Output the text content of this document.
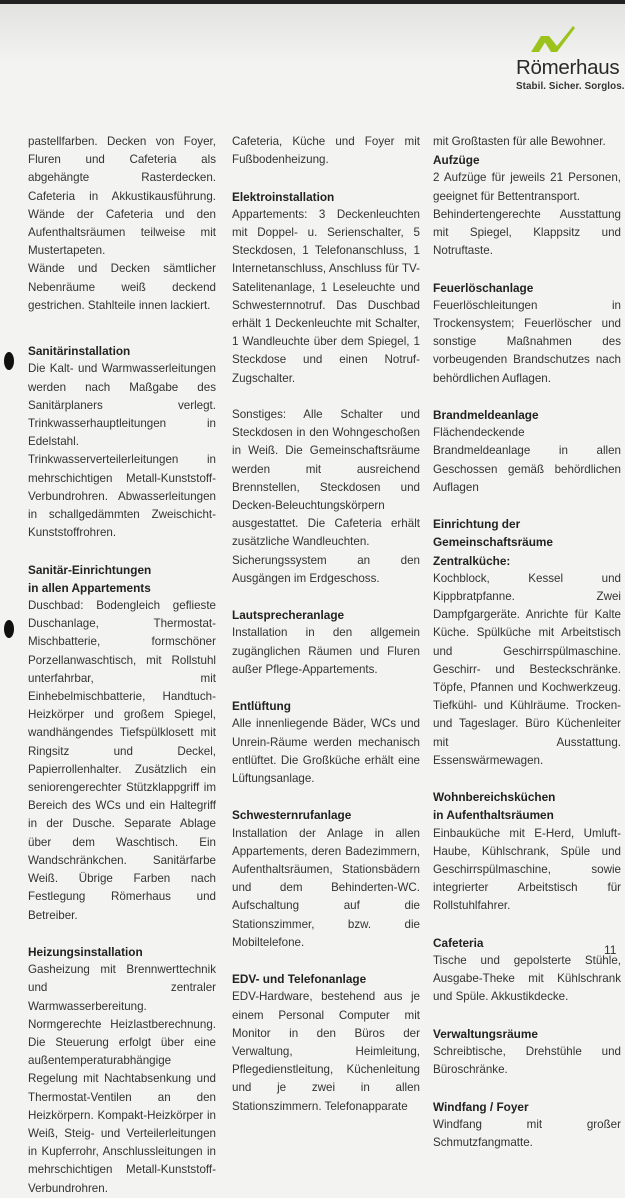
Römerhaus
Stabil. Sicher. Sorglos.

pastellfarben. Decken von Foyer, Fluren und Cafeteria als abgehängte Rasterdecken. Cafeteria in Akkustikausführung. Wände der Cafeteria und den Aufenthaltsräumen teilweise mit Mustertapeten.

Wände und Decken sämtlicher Nebenräume weiß deckend gestrichen. Stahlteile innen lackiert.

Sanitärinstallation

Die Kalt- und Warmwasserleitungen werden nach Maßgabe des Sanitärplaners verlegt. Trinkwasserhauptleitungen in Edelstahl. Trinkwasserverteilerleitungen in mehrschichtigen Metall-Kunststoff-Verbundrohren. Abwasserleitungen in schallgedämmten Zweischicht-Kunststoffrohren.

Sanitär-Einrichtungen
in allen Appartements

Duschbad: Bodengleich geflieste Duschanlage, Thermostat-Mischbatterie, formschöner Porzellanwaschtisch, mit Rollstuhl unterfahrbar, mit Einhebelmischbatterie, Handtuch-Heizkörper und großem Spiegel, wandhängendes Tiefspülklosett mit Ringsitz und Deckel, Papierrollenhalter. Zusätzlich ein seniorengerechter Stützklappgriff im Bereich des WCs und ein Haltegriff in der Dusche. Separate Ablage über dem Waschtisch. Ein Wandschränkchen. Sanitärfarbe Weiß. Übrige Farben nach Festlegung Römerhaus und Betreiber.

Heizungsinstallation

Gasheizung mit Brennwerttechnik und zentraler Warmwasserbereitung. Normgerechte Heizlastberechnung. Die Steuerung erfolgt über eine außentemperaturabhängige Regelung mit Nachtabsenkung und Thermostat-Ventilen an den Heizkörpern. Kompakt-Heizkörper in Weiß, Steig- und Verteilerleitungen in Kupferrohr, Anschlussleitungen in mehrschichtigen Metall-Kunststoff-Verbundrohren.

Cafeteria, Küche und Foyer mit Fußbodenheizung.

Elektroinstallation

Appartements: 3 Deckenleuchten mit Doppel- u. Serienschalter, 5 Steckdosen, 1 Telefonanschluss, 1 Internetanschluss, Anschluss für TV-Satelitenanlage, 1 Leseleuchte und Schwesternnotruf. Das Duschbad erhält 1 Deckenleuchte mit Schalter, 1 Wandleuchte über dem Spiegel, 1 Steckdose und einen Notruf-Zugschalter.

Sonstiges: Alle Schalter und Steckdosen in den Wohngeschoßen in Weiß. Die Gemeinschaftsräume werden mit ausreichend Brennstellen, Steckdosen und Decken-Beleuchtungskörpern ausgestattet. Die Cafeteria erhält zusätzliche Wandleuchten.

Sicherungssystem an den Ausgängen im Erdgeschoss.

Lautsprecheranlage

Installation in den allgemein zugänglichen Räumen und Fluren außer Pflege-Appartements.

Entlüftung

Alle innenliegende Bäder, WCs und Unrein-Räume werden mechanisch entlüftet. Die Großküche erhält eine Lüftungsanlage.

Schwesternrufanlage

Installation der Anlage in allen Appartements, deren Badezimmern, Aufenthaltsräumen, Stationsbädern und dem Behinderten-WC. Aufschaltung auf die Stationszimmer, bzw. die Mobiltelefone.

EDV- und Telefonanlage

EDV-Hardware, bestehend aus je einem Personal Computer mit Monitor in den Büros der Verwaltung, Heimleitung, Pflegedienstleitung, Küchenleitung und je zwei in allen Stationszimmern. Telefonapparate

mit Großtasten für alle Bewohner.

Aufzüge

2 Aufzüge für jeweils 21 Personen, geeignet für Bettentransport.

Behindertengerechte Ausstattung mit Spiegel, Klappsitz und Notruftaste.

Feuerlöschanlage

Feuerlöschleitungen in Trockensystem; Feuerlöscher und sonstige Maßnahmen des vorbeugenden Brandschutzes nach behördlichen Auflagen.

Brandmeldeanlage

Flächendeckende Brandmeldeanlage in allen Geschossen gemäß behördlichen Auflagen

Einrichtung der
Gemeinschaftsräume
Zentralküche:

Kochblock, Kessel und Kippbratpfanne. Zwei Dampfgargeräte. Anrichte für Kalte Küche. Spülküche mit Arbeitstisch und Geschirrspülmaschine. Geschirr- und Besteckschränke. Töpfe, Pfannen und Kochwerkzeug. Tiefkühl- und Kühlräume. Trocken- und Tageslager. Büro Küchenleiter mit Ausstattung. Essenswärmewagen.

Wohnbereichsküchen
in Aufenthaltsräumen

Einbauküche mit E-Herd, Umluft-Haube, Kühlschrank, Spüle und Geschirrspülmaschine, sowie integrierter Arbeitstisch für Rollstuhlfahrer.

Cafeteria

Tische und gepolsterte Stühle, Ausgabe-Theke mit Kühlschrank und Spüle. Akkustikdecke.

Verwaltungsräume

Schreibtische, Drehstühle und Büroschränke.

Windfang / Foyer

Windfang mit großer Schmutzfangmatte.

11
